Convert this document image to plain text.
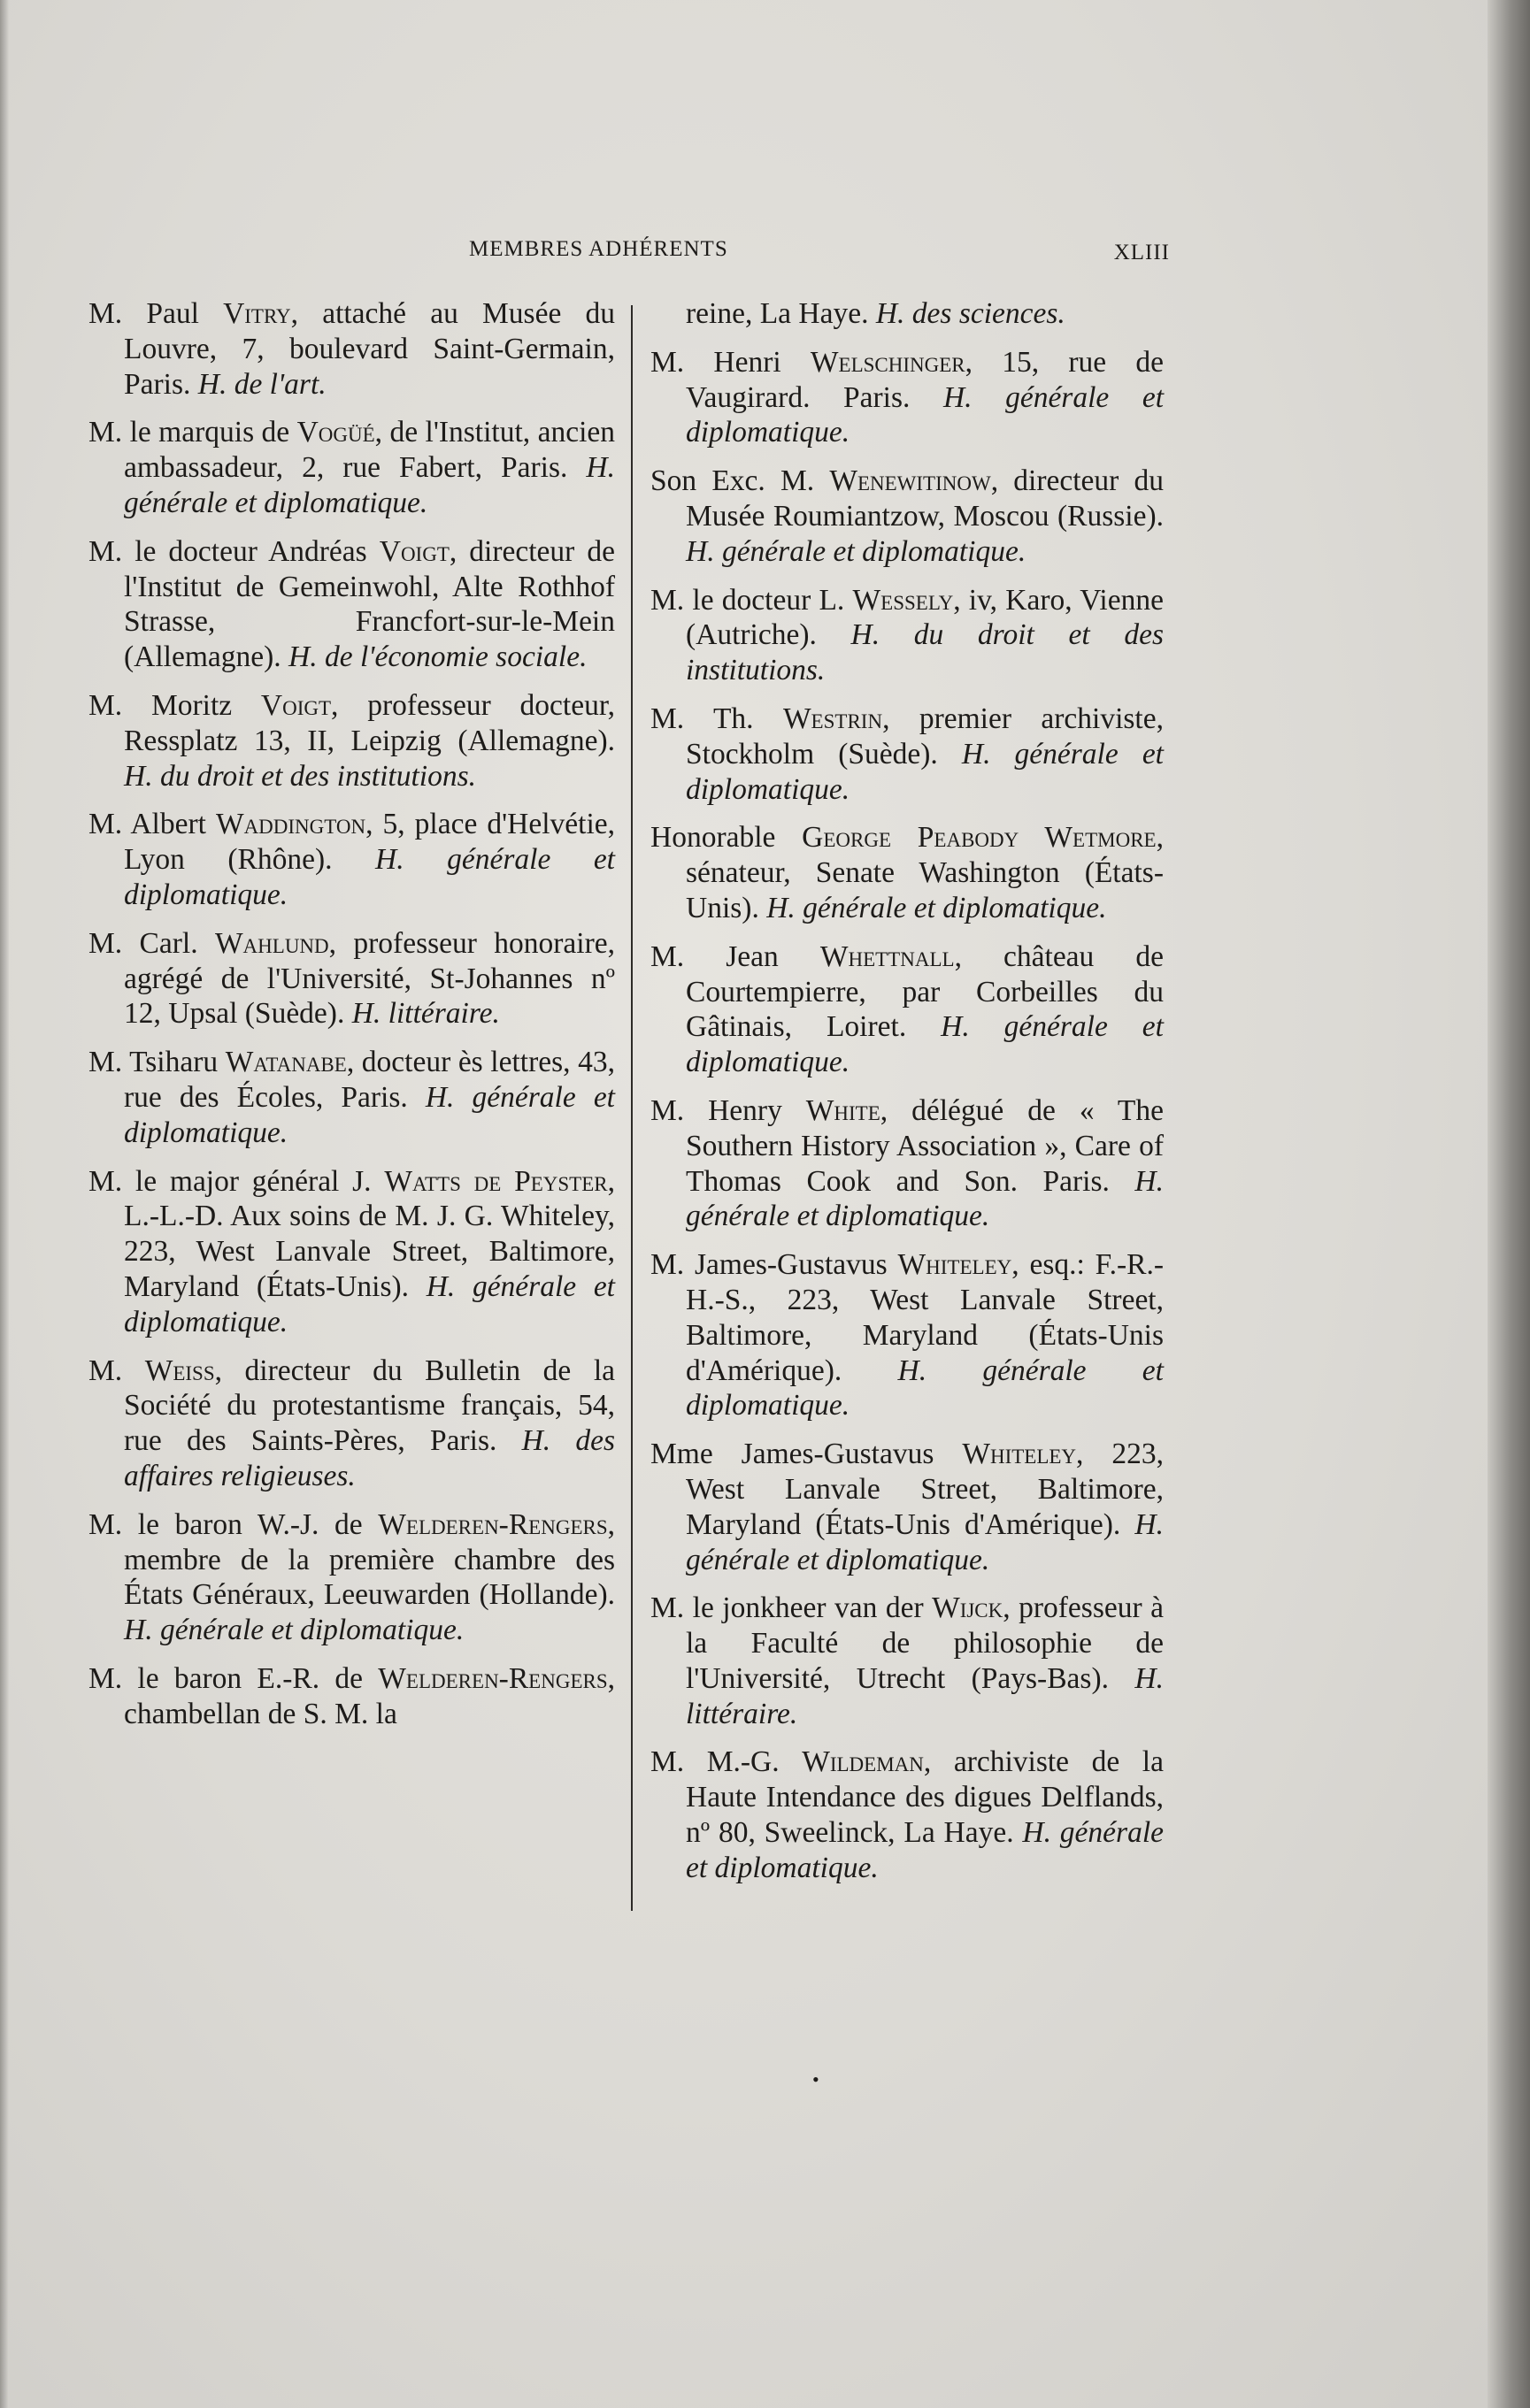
MEMBRES ADHÉRENTS	XLIII

M. Paul Vitry, attaché au Musée du Louvre, 7, boulevard Saint-Germain, Paris. H. de l'art.

M. le marquis de Vogüé, de l'Institut, ancien ambassadeur, 2, rue Fabert, Paris. H. générale et diplomatique.

M. le docteur Andréas Voigt, directeur de l'Institut de Gemeinwohl, Alte Rothhof Strasse, Francfort-sur-le-Mein (Allemagne). H. de l'économie sociale.

M. Moritz Voigt, professeur docteur, Ressplatz 13, II, Leipzig (Allemagne). H. du droit et des institutions.

M. Albert Waddington, 5, place d'Helvétie, Lyon (Rhône). H. générale et diplomatique.

M. Carl. Wahlund, professeur honoraire, agrégé de l'Université, St-Johannes nº 12, Upsal (Suède). H. littéraire.

M. Tsiharu Watanabe, docteur ès lettres, 43, rue des Écoles, Paris. H. générale et diplomatique.

M. le major général J. Watts de Peyster, L.-L.-D. Aux soins de M. J. G. Whiteley, 223, West Lanvale Street, Baltimore, Maryland (États-Unis). H. générale et diplomatique.

M. Weiss, directeur du Bulletin de la Société du protestantisme français, 54, rue des Saints-Pères, Paris. H. des affaires religieuses.

M. le baron W.-J. de Welderen-Rengers, membre de la première chambre des États Généraux, Leeuwarden (Hollande). H. générale et diplomatique.

M. le baron E.-R. de Welderen-Rengers, chambellan de S. M. la

reine, La Haye. H. des sciences.

M. Henri Welschinger, 15, rue de Vaugirard. Paris. H. générale et diplomatique.

Son Exc. M. Wenewitinow, directeur du Musée Roumiantzow, Moscou (Russie). H. générale et diplomatique.

M. le docteur L. Wessely, iv, Karo, Vienne (Autriche). H. du droit et des institutions.

M. Th. Westrin, premier archiviste, Stockholm (Suède). H. générale et diplomatique.

Honorable George Peabody Wetmore, sénateur, Senate Washington (États-Unis). H. générale et diplomatique.

M. Jean Whettnall, château de Courtempierre, par Corbeilles du Gâtinais, Loiret. H. générale et diplomatique.

M. Henry White, délégué de « The Southern History Association », Care of Thomas Cook and Son. Paris. H. générale et diplomatique.

M. James-Gustavus Whiteley, esq.: F.-R.-H.-S., 223, West Lanvale Street, Baltimore, Maryland (États-Unis d'Amérique). H. générale et diplomatique.

Mme James-Gustavus Whiteley, 223, West Lanvale Street, Baltimore, Maryland (États-Unis d'Amérique). H. générale et diplomatique.

M. le jonkheer van der Wijck, professeur à la Faculté de philosophie de l'Université, Utrecht (Pays-Bas). H. littéraire.

M. M.-G. Wildeman, archiviste de la Haute Intendance des digues Delflands, nº 80, Sweelinck, La Haye. H. générale et diplomatique.

•
